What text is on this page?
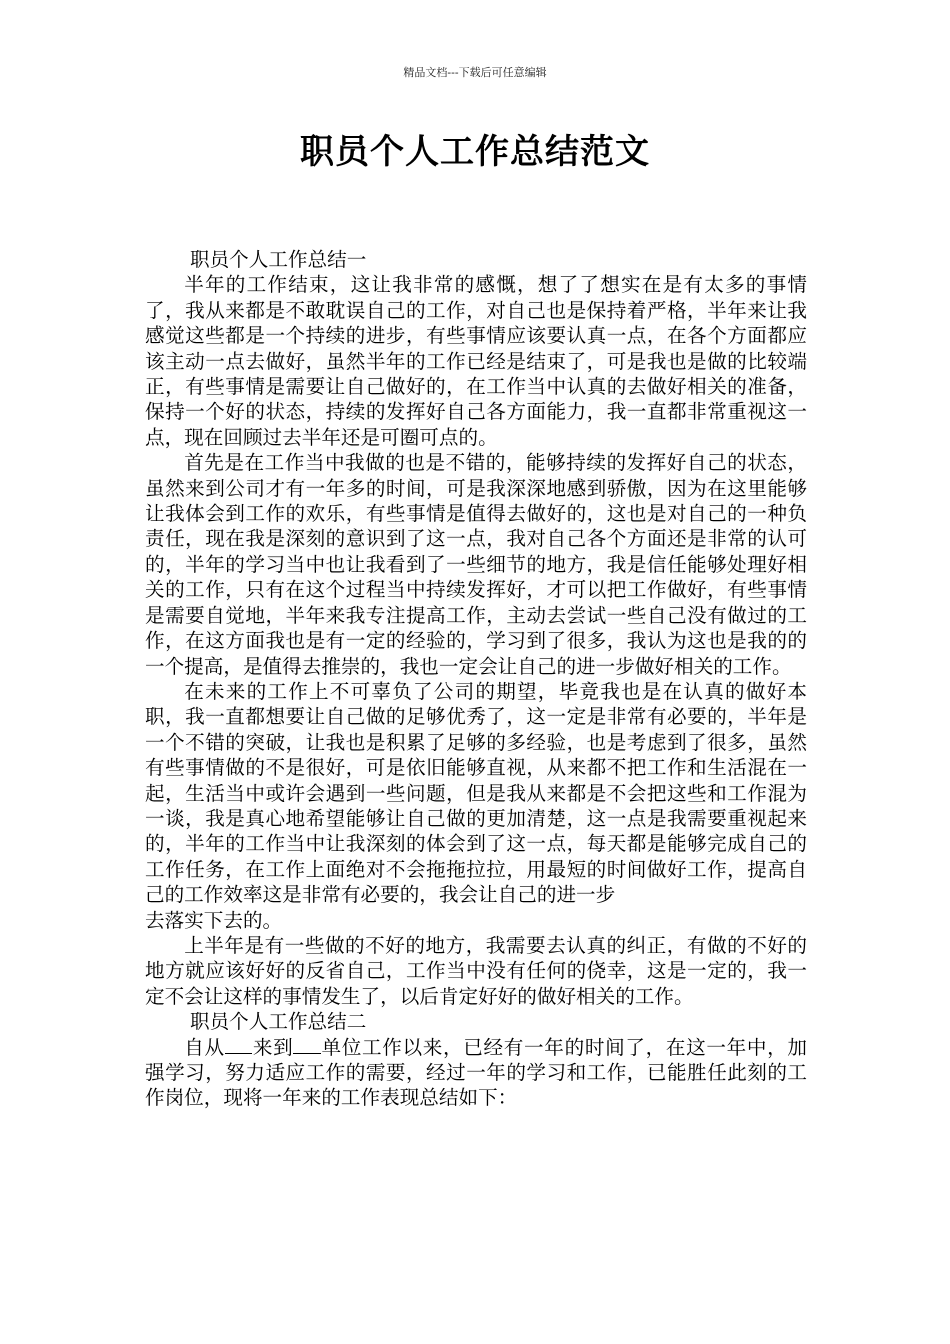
精品文档---下载后可任意编辑
职员个人工作总结范文

职员个人工作总结一

半年的工作结束，这让我非常的感慨，想了了想实在是有太多的事情了，我从来都是不敢耽误自己的工作，对自己也是保持着严格，半年来让我感觉这些都是一个持续的进步，有些事情应该要认真一点，在各个方面都应该主动一点去做好，虽然半年的工作已经是结束了，可是我也是做的比较端正，有些事情是需要让自己做好的，在工作当中认真的去做好相关的准备，保持一个好的状态，持续的发挥好自己各方面能力，我一直都非常重视这一点，现在回顾过去半年还是可圈可点的。

首先是在工作当中我做的也是不错的，能够持续的发挥好自己的状态，虽然来到公司才有一年多的时间，可是我深深地感到骄傲，因为在这里能够让我体会到工作的欢乐，有些事情是值得去做好的，这也是对自己的一种负责任，现在我是深刻的意识到了这一点，我对自己各个方面还是非常的认可的，半年的学习当中也让我看到了一些细节的地方，我是信任能够处理好相关的工作，只有在这个过程当中持续发挥好，才可以把工作做好，有些事情是需要自觉地，半年来我专注提高工作，主动去尝试一些自己没有做过的工作，在这方面我也是有一定的经验的，学习到了很多，我认为这也是我的的一个提高，是值得去推崇的，我也一定会让自己的进一步做好相关的工作。

在未来的工作上不可辜负了公司的期望，毕竟我也是在认真的做好本职，我一直都想要让自己做的足够优秀了，这一定是非常有必要的，半年是一个不错的突破，让我也是积累了足够的多经验，也是考虑到了很多，虽然有些事情做的不是很好，可是依旧能够直视，从来都不把工作和生活混在一起，生活当中或许会遇到一些问题，但是我从来都是不会把这些和工作混为一谈，我是真心地希望能够让自己做的更加清楚，这一点是我需要重视起来的，半年的工作当中让我深刻的体会到了这一点，每天都是能够完成自己的工作任务，在工作上面绝对不会拖拖拉拉，用最短的时间做好工作，提高自己的工作效率这是非常有必要的，我会让自己的进一步

去落实下去的。

上半年是有一些做的不好的地方，我需要去认真的纠正，有做的不好的地方就应该好好的反省自己，工作当中没有任何的侥幸，这是一定的，我一定不会让这样的事情发生了，以后肯定好好的做好相关的工作。

职员个人工作总结二

自从 来到 单位工作以来，已经有一年的时间了，在这一年中，加强学习，努力适应工作的需要，经过一年的学习和工作，已能胜任此刻的工作岗位，现将一年来的工作表现总结如下：
